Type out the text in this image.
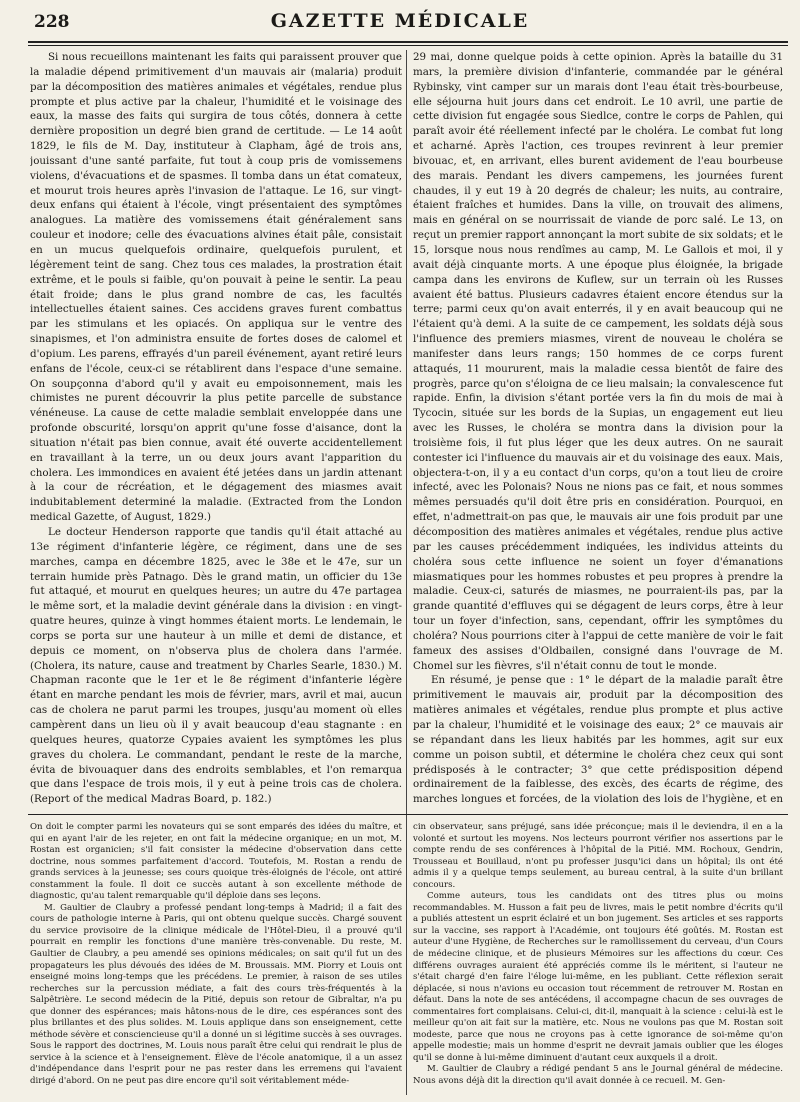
228	GAZETTE MÉDICALE

Si nous recueillons maintenant les faits qui paraissent prouver que la maladie dépend primitivement d'un mauvais air (malaria) produit par la décomposition des matières animales et végétales, rendue plus prompte et plus active par la chaleur, l'humidité et le voisinage des eaux, la masse des faits qui surgira de tous côtés, donnera à cette dernière proposition un degré bien grand de certitude. — Le 14 août 1829, le fils de M. Day, instituteur à Clapham, âgé de trois ans, jouissant d'une santé parfaite, fut tout à coup pris de vomissemens violens, d'évacuations et de spasmes. Il tomba dans un état comateux, et mourut trois heures après l'invasion de l'attaque. Le 16, sur vingt-deux enfans qui étaient à l'école, vingt présentaient des symptômes analogues. La matière des vomissemens était généralement sans couleur et inodore; celle des évacuations alvines était pâle, consistait en un mucus quelquefois ordinaire, quelquefois purulent, et légèrement teint de sang. Chez tous ces malades, la prostration était extrême, et le pouls si faible, qu'on pouvait à peine le sentir. La peau était froide; dans le plus grand nombre de cas, les facultés intellectuelles étaient saines. Ces accidens graves furent combattus par les stimulans et les opiacés. On appliqua sur le ventre des sinapismes, et l'on administra ensuite de fortes doses de calomel et d'opium. Les parens, effrayés d'un pareil événement, ayant retiré leurs enfans de l'école, ceux-ci se rétablirent dans l'espace d'une semaine. On soupçonna d'abord qu'il y avait eu empoisonnement, mais les chimistes ne purent découvrir la plus petite parcelle de substance vénéneuse. La cause de cette maladie semblait enveloppée dans une profonde obscurité, lorsqu'on apprit qu'une fosse d'aisance, dont la situation n'était pas bien connue, avait été ouverte accidentellement en travaillant à la terre, un ou deux jours avant l'apparition du cholera. Les immondices en avaient été jetées dans un jardin attenant à la cour de récréation, et le dégagement des miasmes avait indubitablement determiné la maladie. (Extracted from the London medical Gazette, of August, 1829.)

Le docteur Henderson rapporte que tandis qu'il était attaché au 13e régiment d'infanterie légère, ce régiment, dans une de ses marches, campa en décembre 1825, avec le 38e et le 47e, sur un terrain humide près Patnago. Dès le grand matin, un officier du 13e fut attaqué, et mourut en quelques heures; un autre du 47e partagea le même sort, et la maladie devint générale dans la division : en vingt-quatre heures, quinze à vingt hommes étaient morts. Le lendemain, le corps se porta sur une hauteur à un mille et demi de distance, et depuis ce moment, on n'observa plus de cholera dans l'armée. (Cholera, its nature, cause and treatment by Charles Searle, 1830.) M. Chapman raconte que le 1er et le 8e régiment d'infanterie légère étant en marche pendant les mois de février, mars, avril et mai, aucun cas de cholera ne parut parmi les troupes, jusqu'au moment où elles campèrent dans un lieu où il y avait beaucoup d'eau stagnante : en quelques heures, quatorze Cypaies avaient les symptômes les plus graves du cholera. Le commandant, pendant le reste de la marche, évita de bivouaquer dans des endroits semblables, et l'on remarqua que dans l'espace de trois mois, il y eut à peine trois cas de cholera. (Report of the medical Madras Board, p. 182.)

29 mai, donne quelque poids à cette opinion. Après la bataille du 31 mars, la première division d'infanterie, commandée par le général Rybinsky, vint camper sur un marais dont l'eau était très-bourbeuse, elle séjourna huit jours dans cet endroit. Le 10 avril, une partie de cette division fut engagée sous Siedlce, contre le corps de Pahlen, qui paraît avoir été réellement infecté par le choléra. Le combat fut long et acharné. Après l'action, ces troupes revinrent à leur premier bivouac, et, en arrivant, elles burent avidement de l'eau bourbeuse des marais. Pendant les divers campemens, les journées furent chaudes, il y eut 19 à 20 degrés de chaleur; les nuits, au contraire, étaient fraîches et humides. Dans la ville, on trouvait des alimens, mais en général on se nourrissait de viande de porc salé. Le 13, on reçut un premier rapport annonçant la mort subite de six soldats; et le 15, lorsque nous nous rendîmes au camp, M. Le Gallois et moi, il y avait déjà cinquante morts. A une époque plus éloignée, la brigade campa dans les environs de Kuflew, sur un terrain où les Russes avaient été battus. Plusieurs cadavres étaient encore étendus sur la terre; parmi ceux qu'on avait enterrés, il y en avait beaucoup qui ne l'étaient qu'à demi. A la suite de ce campement, les soldats déjà sous l'influence des premiers miasmes, virent de nouveau le choléra se manifester dans leurs rangs; 150 hommes de ce corps furent attaqués, 11 moururent, mais la maladie cessa bientôt de faire des progrès, parce qu'on s'éloigna de ce lieu malsain; la convalescence fut rapide. Enfin, la division s'étant portée vers la fin du mois de mai à Tycocin, située sur les bords de la Supias, un engagement eut lieu avec les Russes, le choléra se montra dans la division pour la troisième fois, il fut plus léger que les deux autres. On ne saurait contester ici l'influence du mauvais air et du voisinage des eaux. Mais, objectera-t-on, il y a eu contact d'un corps, qu'on a tout lieu de croire infecté, avec les Polonais? Nous ne nions pas ce fait, et nous sommes mêmes persuadés qu'il doit être pris en considération. Pourquoi, en effet, n'admettrait-on pas que, le mauvais air une fois produit par une décomposition des matières animales et végétales, rendue plus active par les causes précédemment indiquées, les individus atteints du choléra sous cette influence ne soient un foyer d'émanations miasmatiques pour les hommes robustes et peu propres à prendre la maladie. Ceux-ci, saturés de miasmes, ne pourraient-ils pas, par la grande quantité d'effluves qui se dégagent de leurs corps, être à leur tour un foyer d'infection, sans, cependant, offrir les symptômes du choléra? Nous pourrions citer à l'appui de cette manière de voir le fait fameux des assises d'Oldbailen, consigné dans l'ouvrage de M. Chomel sur les fièvres, s'il n'était connu de tout le monde.

En résumé, je pense que : 1° le départ de la maladie paraît être primitivement le mauvais air, produit par la décomposition des matières animales et végétales, rendue plus prompte et plus active par la chaleur, l'humidité et le voisinage des eaux; 2° ce mauvais air se répandant dans les lieux habités par les hommes, agit sur eux comme un poison subtil, et détermine le choléra chez ceux qui sont prédisposés à le contracter; 3° que cette prédisposition dépend ordinairement de la faiblesse, des excès, des écarts de régime, des marches longues et forcées, de la violation des lois de l'hygiène, et en

On doit le compter parmi les novateurs qui se sont emparés des idées du maître, et qui en ayant l'air de les rejeter, en ont fait la médecine organique; en un mot, M. Rostan est organicien; s'il fait consister la médecine d'observation dans cette doctrine, nous sommes parfaitement d'accord. Toutefois, M. Rostan a rendu de grands services à la jeunesse; ses cours quoique très-éloignés de l'école, ont attiré constamment la foule. Il doit ce succès autant à son excellente méthode de diagnostic, qu'au talent remarquable qu'il déploie dans ses leçons.

M. Gaultier de Claubry a professé pendant long-temps à Madrid; il a fait des cours de pathologie interne à Paris, qui ont obtenu quelque succès. Chargé souvent du service provisoire de la clinique médicale de l'Hôtel-Dieu, il a prouvé qu'il pourrait en remplir les fonctions d'une manière très-convenable. Du reste, M. Gaultier de Claubry, a peu amendé ses opinions médicales; on sait qu'il fut un des propagateurs les plus dévoués des idées de M. Broussais. MM. Piorry et Louis ont enseigné moins long-temps que les précédens. Le premier, à raison de ses utiles recherches sur la percussion médiate, a fait des cours très-fréquentés à la Salpêtrière. Le second médecin de la Pitié, depuis son retour de Gibraltar, n'a pu que donner des espérances; mais hâtons-nous de le dire, ces espérances sont des plus brillantes et des plus solides. M. Louis applique dans son enseignement, cette méthode sévère et consciencieuse qu'il a donné un si légitime succès à ses ouvrages. Sous le rapport des doctrines, M. Louis nous paraît être celui qui rendrait le plus de service à la science et à l'enseignement. Élève de l'école anatomique, il a un assez d'indépendance dans l'esprit pour ne pas rester dans les erremens qui l'avaient dirigé d'abord. On ne peut pas dire encore qu'il soit véritablement méde-

cin observateur, sans préjugé, sans idée préconçue; mais il le deviendra, il en a la volonté et surtout les moyens. Nos lecteurs pourront vérifier nos assertions par le compte rendu de ses conférences à l'hôpital de la Pitié. MM. Rochoux, Gendrin, Trousseau et Bouillaud, n'ont pu professer jusqu'ici dans un hôpital; ils ont été admis il y a quelque temps seulement, au bureau central, à la suite d'un brillant concours.

Comme auteurs, tous les candidats ont des titres plus ou moins recommandables. M. Husson a fait peu de livres, mais le petit nombre d'écrits qu'il a publiés attestent un esprit éclairé et un bon jugement. Ses articles et ses rapports sur la vaccine, ses rapport à l'Académie, ont toujours été goûtés. M. Rostan est auteur d'une Hygiène, de Recherches sur le ramollissement du cerveau, d'un Cours de médecine clinique, et de plusieurs Mémoires sur les affections du cœur. Ces différens ouvrages auraient été appréciés comme ils le méritent, si l'auteur ne s'était chargé d'en faire l'éloge lui-même, en les publiant. Cette réflexion serait déplacée, si nous n'avions eu occasion tout récemment de retrouver M. Rostan en défaut. Dans la note de ses antécédens, il accompagne chacun de ses ouvrages de commentaires fort complaisans. Celui-ci, dit-il, manquait à la science : celui-là est le meilleur qu'on ait fait sur la matière, etc. Nous ne voulons pas que M. Rostan soit modeste, parce que nous ne croyons pas à cette ignorance de soi-même qu'on appelle modestie; mais un homme d'esprit ne devrait jamais oublier que les éloges qu'il se donne à lui-même diminuent d'autant ceux auxquels il a droit.

M. Gaultier de Claubry a rédigé pendant 5 ans le Journal général de médecine. Nous avons déjà dit la direction qu'il avait donnée à ce recueil. M. Gen-
